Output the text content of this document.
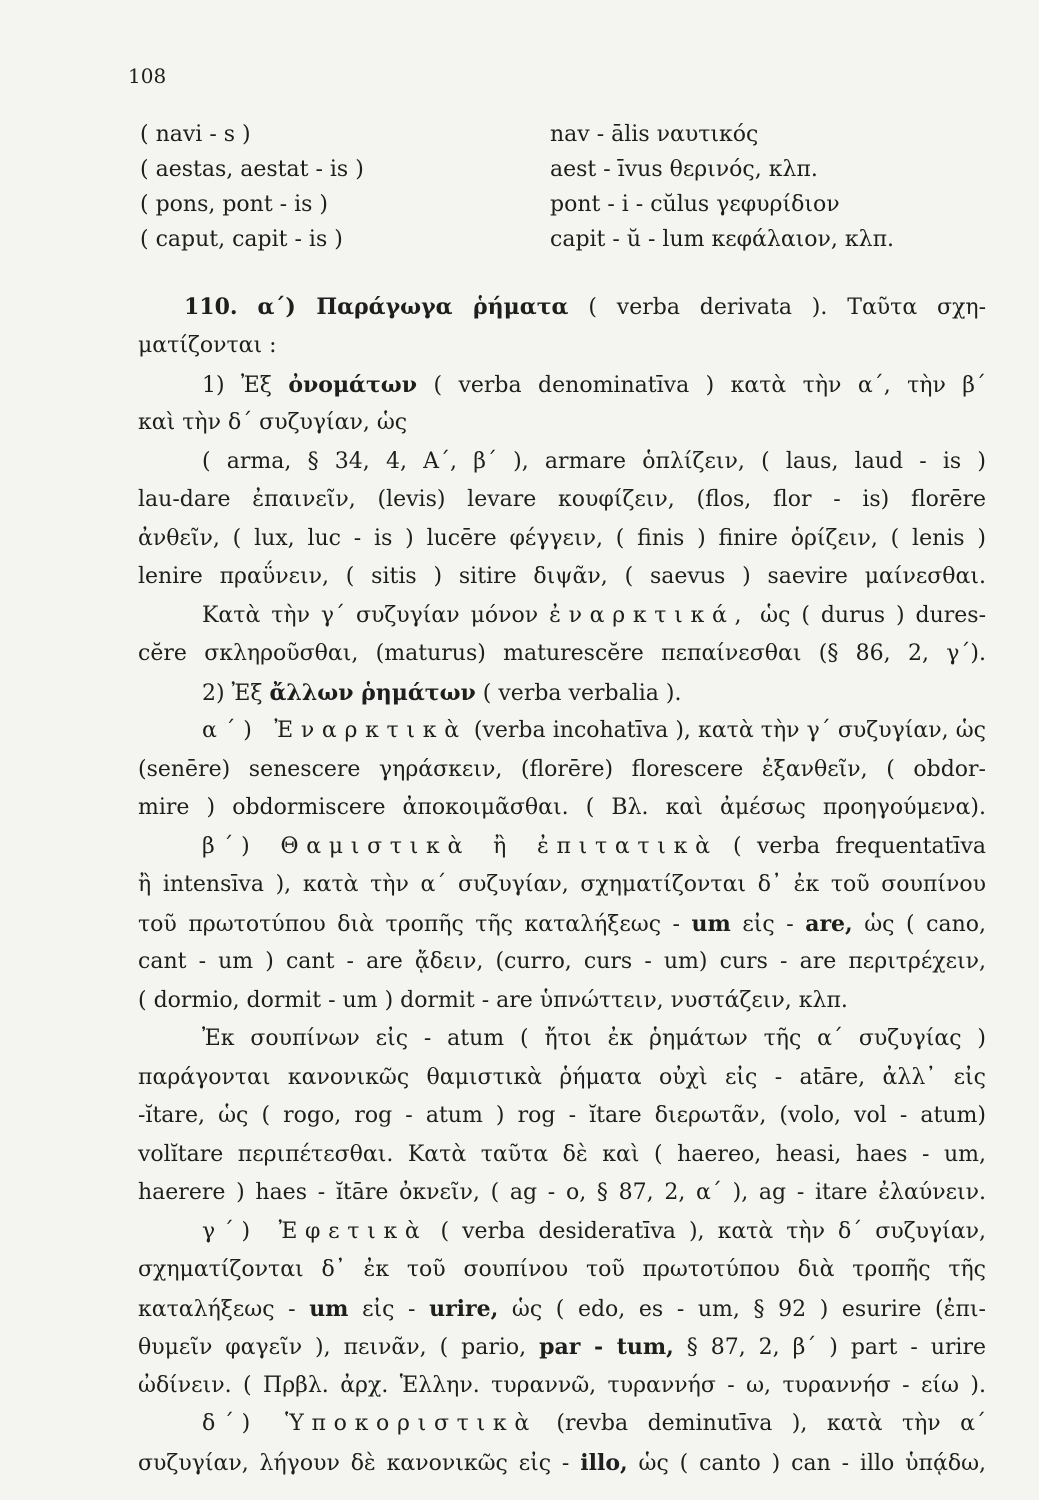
108
( navi - s )
( aestas, aestat - is )
( pons, pont - is )
( caput, capit - is )
nav - ālis ναυτικός
aest - īvus θερινός, κλπ.
pont - i - cŭlus γεφυρίδιον
capit - ŭ - lum κεφάλαιον, κλπ.
110. α΄) Παράγωγα ῥήματα ( verba derivata ). Ταῦτα σχη-
ματίζονται :
1) Ἐξ ὀνομάτων ( verba denominatīva ) κατὰ τὴν α΄, τὴν β΄
καὶ τὴν δ΄ συζυγίαν, ὡς
( arma, § 34, 4, Α΄, β΄ ), armare ὁπλίζειν, ( laus, laud - is )
lau-dare ἐπαινεῖν, (levis) levare κουφίζειν, (flos, flor - is) florēre
ἀνθεῖν, ( lux, luc - is ) lucēre φέγγειν, ( finis ) finire ὁρίζειν, ( lenis )
lenire πραΰνειν, ( sitis ) sitire διψᾶν, ( saevus ) saevire μαίνεσθαι.
Κατὰ τὴν γ΄ συζυγίαν μόνον ἐναρκτικά, ὡς ( durus ) dures-
cĕre σκληροῦσθαι, (maturus) maturescĕre πεπαίνεσθαι (§ 86, 2, γ΄).
2) Ἐξ ἄλλων ῥημάτων ( verba verbalia ).
α΄) Ἐναρκτικὰ (verba incohatīva ), κατὰ τὴν γ΄ συζυγίαν, ὡς
(senēre) senescere γηράσκειν, (florēre) florescere ἐξανθεῖν, ( obdor-
mire ) obdormiscere ἀποκοιμᾶσθαι. ( Βλ. καὶ ἀμέσως προηγούμενα).
β΄) Θαμιστικὰ ἢ ἐπιτατικὰ ( verba frequentatīva
ἢ intensīva ), κατὰ τὴν α΄ συζυγίαν, σχηματίζονται δ᾽ ἐκ τοῦ σουπίνου
τοῦ πρωτοτύπου διὰ τροπῆς τῆς καταλήξεως - um εἰς - are, ὡς ( cano,
cant - um ) cant - are ᾄδειν, (curro, curs - um) curs - are περιτρέχειν,
( dormio, dormit - um ) dormit - are ὑπνώττειν, νυστάζειν, κλπ.
Ἐκ σουπίνων εἰς - atum ( ἤτοι ἐκ ῥημάτων τῆς α΄ συζυγίας )
παράγονται κανονικῶς θαμιστικὰ ῥήματα οὐχὶ εἰς - atāre, ἀλλ᾽ εἰς
-ĭtare, ὡς ( rogo, rog - atum ) rog - ĭtare διερωτᾶν, (volo, vol - atum)
volĭtare περιπέτεσθαι. Κατὰ ταῦτα δὲ καὶ ( haereo, heasi, haes - um,
haerere ) haes - ĭtāre ὀκνεῖν, ( ag - o, § 87, 2, α΄ ), ag - itare ἐλαύνειν.
γ΄) Ἐφετικὰ ( verba desideratīva ), κατὰ τὴν δ΄ συζυγίαν,
σχηματίζονται δ᾽ ἐκ τοῦ σουπίνου τοῦ πρωτοτύπου διὰ τροπῆς τῆς
καταλήξεως - um εἰς - urire, ὡς ( edo, es - um, § 92 ) esurire (ἐπι-
θυμεῖν φαγεῖν ), πεινᾶν, ( pario, par - tum, § 87, 2, β΄ ) part - urire
ὠδίνειν. ( Πρβλ. ἀρχ. Ἑλλην. τυραννῶ, τυραννήσ - ω, τυραννήσ - είω ).
δ΄) Ὑποκοριστικὰ (revba deminutīva ), κατὰ τὴν α΄
συζυγίαν, λήγουν δὲ κανονικῶς εἰς - illo, ὡς ( canto ) can - illo ὑπᾴδω,
